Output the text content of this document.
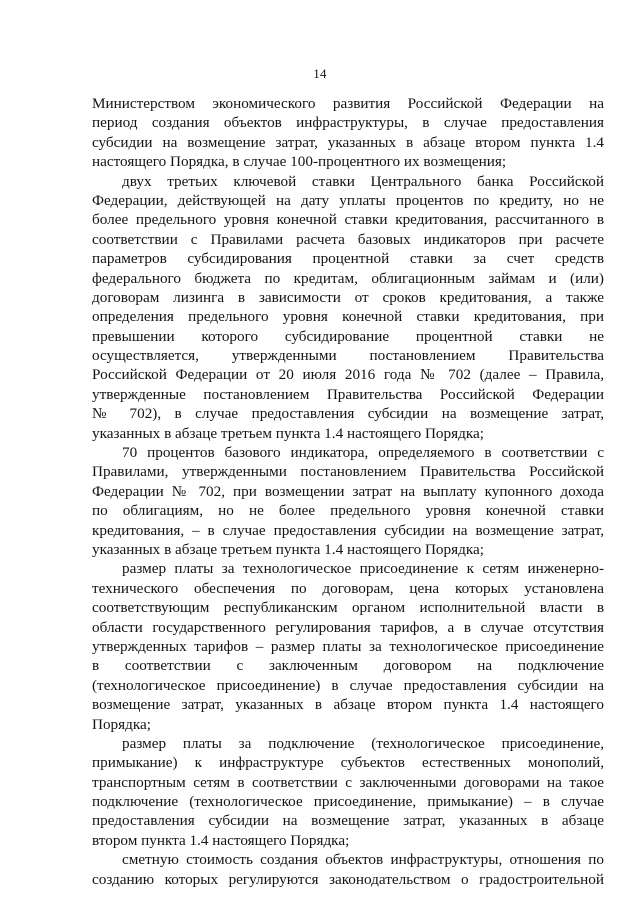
14
Министерством экономического развития Российской Федерации на
период создания объектов инфраструктуры, в случае предоставления
субсидии на возмещение затрат, указанных в абзаце втором пункта 1.4
настоящего Порядка, в случае 100-процентного их возмещения;
двух третьих ключевой ставки Центрального банка Российской
Федерации, действующей на дату уплаты процентов по кредиту, но не
более предельного уровня конечной ставки кредитования, рассчитанного в
соответствии с Правилами расчета базовых индикаторов при расчете
параметров субсидирования процентной ставки за счет средств
федерального бюджета по кредитам, облигационным займам и (или)
договорам лизинга в зависимости от сроков кредитования, а также
определения предельного уровня конечной ставки кредитования, при
превышении которого субсидирование процентной ставки не
осуществляется, утвержденными постановлением Правительства
Российской Федерации от 20 июля 2016 года № 702 (далее – Правила,
утвержденные постановлением Правительства Российской Федерации
№ 702), в случае предоставления субсидии на возмещение затрат,
указанных в абзаце третьем пункта 1.4 настоящего Порядка;
70 процентов базового индикатора, определяемого в соответствии с
Правилами, утвержденными постановлением Правительства Российской
Федерации № 702, при возмещении затрат на выплату купонного дохода
по облигациям, но не более предельного уровня конечной ставки
кредитования, – в случае предоставления субсидии на возмещение затрат,
указанных в абзаце третьем пункта 1.4 настоящего Порядка;
размер платы за технологическое присоединение к сетям инженерно-
технического обеспечения по договорам, цена которых установлена
соответствующим республиканским органом исполнительной власти в
области государственного регулирования тарифов, а в случае отсутствия
утвержденных тарифов – размер платы за технологическое присоединение
в соответствии с заключенным договором на подключение
(технологическое присоединение) в случае предоставления субсидии на
возмещение затрат, указанных в абзаце втором пункта 1.4 настоящего
Порядка;
размер платы за подключение (технологическое присоединение,
примыкание) к инфраструктуре субъектов естественных монополий,
транспортным сетям в соответствии с заключенными договорами на такое
подключение (технологическое присоединение, примыкание) – в случае
предоставления субсидии на возмещение затрат, указанных в абзаце
втором пункта 1.4 настоящего Порядка;
сметную стоимость создания объектов инфраструктуры, отношения по
созданию которых регулируются законодательством о градостроительной
